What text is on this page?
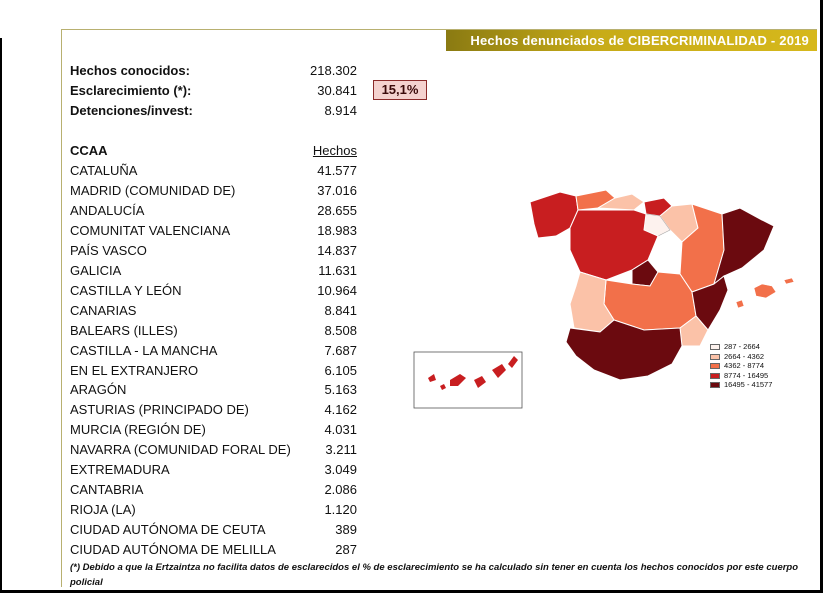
Hechos denunciados de CIBERCRIMINALIDAD - 2019
Hechos conocidos:	218.302
Esclarecimiento (*):	30.841	15,1%
Detenciones/invest:	8.914
CCAA	Hechos
CATALUÑA	41.577
MADRID (COMUNIDAD DE)	37.016
ANDALUCÍA	28.655
COMUNITAT VALENCIANA	18.983
PAÍS VASCO	14.837
GALICIA	11.631
CASTILLA Y LEÓN	10.964
CANARIAS	8.841
BALEARS (ILLES)	8.508
CASTILLA - LA MANCHA	7.687
EN EL EXTRANJERO	6.105
ARAGÓN	5.163
ASTURIAS (PRINCIPADO DE)	4.162
MURCIA (REGIÓN DE)	4.031
NAVARRA (COMUNIDAD FORAL DE)	3.211
EXTREMADURA	3.049
CANTABRIA	2.086
RIOJA (LA)	1.120
CIUDAD AUTÓNOMA DE CEUTA	389
CIUDAD AUTÓNOMA DE MELILLA	287
287 - 2664
2664 - 4362
4362 - 8774
8774 - 16495
16495 - 41577
(*) Debido a que la Ertzaintza no facilita datos de esclarecidos el % de esclarecimiento se ha calculado sin tener en cuenta los hechos conocidos por este cuerpo policial
